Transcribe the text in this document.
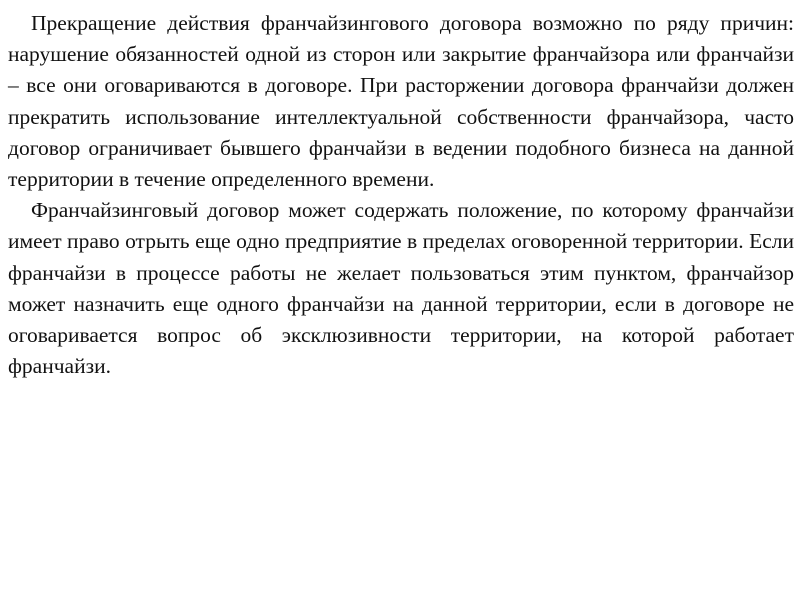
Прекращение действия франчайзингового договора возможно по ряду причин: нарушение обязанностей одной из сторон или закрытие франчайзора или франчайзи – все они оговариваются в договоре. При расторжении договора франчайзи должен прекратить использование интеллектуальной собственности франчайзора, часто договор ограничивает бывшего франчайзи в ведении подобного бизнеса на данной территории в течение определенного времени.

Франчайзинговый договор может содержать положение, по которому франчайзи имеет право отрыть еще одно предприятие в пределах оговоренной территории. Если франчайзи в процессе работы не желает пользоваться этим пунктом, франчайзор может назначить еще одного франчайзи на данной территории, если в договоре не оговаривается вопрос об эксклюзивности территории, на которой работает франчайзи.
